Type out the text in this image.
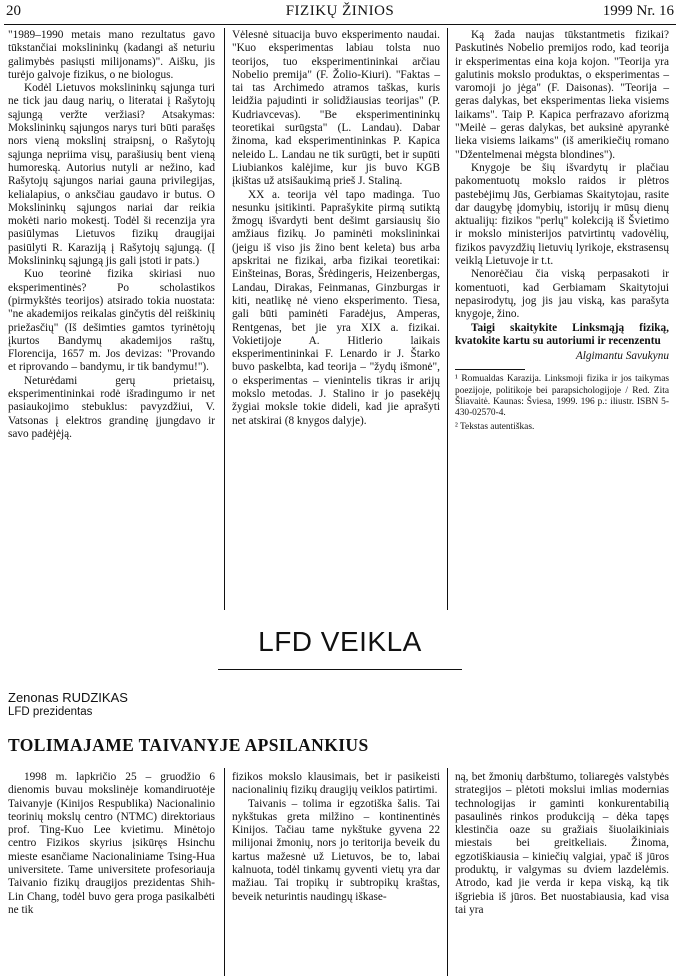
20	FIZIKŲ ŽINIOS	1999 Nr. 16

"1989–1990 metais mano rezultatus gavo tūkstančiai mokslininkų (kadangi aš neturiu galimybės pasiųsti milijonams)". Aišku, jis turėjo galvoje fizikus, o ne biologus.

Kodėl Lietuvos mokslininkų sąjunga turi ne tick jau daug narių, o literatai į Rašytojų sąjungą veržte veržiasi? Atsakymas: Mokslininkų sąjungos narys turi būti parašęs nors vieną mokslinį straipsnį, o Rašytojų sąjunga nepriima visų, parašiusių bent vieną humoreską. Autorius nutyli ar nežino, kad Rašytojų sąjungos nariai gauna privilegijas, kelialapius, o anksčiau gaudavo ir butus. O Mokslininkų sąjungos nariai dar reikia mokėti nario mokestį. Todėl ši recenzija yra pasiūlymas Lietuvos fizikų draugijai pasiūlyti R. Karaziją į Rašytojų sąjungą. (Į Mokslininkų sąjungą jis gali įstoti ir pats.)

Kuo teorinė fizika skiriasi nuo eksperimentinės? Po scholastikos (pirmykštės teorijos) atsirado tokia nuostata: "ne akademijos reikalas ginčytis dėl reiškinių priežasčių" (Iš dešimties gamtos tyrinėtojų įkurtos Bandymų akademijos raštų, Florencija, 1657 m. Jos devizas: "Provando et riprovando – bandymu, ir tik bandymu!").

Neturėdami gerų prietaisų, eksperimentininkai rodė išradingumo ir net pasiaukojimo stebuklus: pavyzdžiui, V. Vatsonas į elektros grandinę įjungdavo ir savo padėjėją.

Vėlesnė situacija buvo eksperimento naudai. "Kuo eksperimentas labiau tolsta nuo teorijos, tuo eksperimentininkai arčiau Nobelio premija" (F. Žolio-Kiuri). "Faktas – tai tas Archimedo atramos taškas, kuris leidžia pajudinti ir solidžiausias teorijas" (P. Kudriavcevas). "Be eksperimentininkų teoretikai surūgsta" (L. Landau). Dabar žinoma, kad eksperimentininkas P. Kapica neleido L. Landau ne tik surūgti, bet ir supūti Liubiankos kalėjime, kur jis buvo KGB įkištas už atsišaukimą prieš J. Staliną.

XX a. teorija vėl tapo madinga. Tuo nesunku įsitikinti. Paprašykite pirmą sutiktą žmogų išvardyti bent dešimt garsiausių šio amžiaus fizikų. Jo paminėti mokslininkai (jeigu iš viso jis žino bent keleta) bus arba apskritai ne fizikai, arba fizikai teoretikai: Einšteinas, Boras, Šrėdingeris, Heizenbergas, Landau, Dirakas, Feinmanas, Ginzburgas ir kiti, neatlikę nė vieno eksperimento. Tiesa, gali būti paminėti Faradėjus, Amperas, Rentgenas, bet jie yra XIX a. fizikai. Vokietijoje A. Hitlerio laikais eksperimentininkai F. Lenardo ir J. Štarko buvo paskelbta, kad teorija – "žydų išmonė", o eksperimentas – vienintelis tikras ir arijų mokslo metodas. J. Stalino ir jo pasekėjų žygiai moksle tokie dideli, kad jie aprašyti net atskirai (8 knygos dalyje).

Ką žada naujas tūkstantmetis fizikai? Paskutinės Nobelio premijos rodo, kad teorija ir eksperimentas eina koja kojon. "Teorija yra galutinis mokslo produktas, o eksperimentas – varomoji jo jėga" (F. Daisonas). "Teorija – geras dalykas, bet eksperimentas lieka visiems laikams". Taip P. Kapica perfrazavo aforizmą "Meilė – geras dalykas, bet auksinė apyrankė lieka visiems laikams" (iš amerikiečių romano "Džentelmenai mėgsta blondines").

Knygoje be šių išvardytų ir plačiau pakomentuotų mokslo raidos ir plėtros pastebėjimų Jūs, Gerbiamas Skaitytojau, rasite dar daugybę įdomybių, istorijų ir mūsų dienų aktualijų: fizikos "perlų" kolekciją iš Švietimo ir mokslo ministerijos patvirtintų vadovėlių, fizikos pavyzdžių lietuvių lyrikoje, ekstrasensų veiklą Lietuvoje ir t.t.

Nenorėčiau čia viską perpasakoti ir komentuoti, kad Gerbiamam Skaitytojui nepasirodytų, jog jis jau viską, kas parašyta knygoje, žino.

Taigi skaitykite Linksmąją fiziką, kvatokite kartu su autoriumi ir recenzentu

Algimantu Savukynu

¹ Romualdas Karazija. Linksmoji fizika ir jos taikymas poezijoje, politikoje bei parapsichologijoje / Red. Zita Šliavaitė. Kaunas: Šviesa, 1999. 196 p.: iliustr. ISBN 5-430-02570-4.

² Tekstas autentiškas.

LFD VEIKLA
Zenonas RUDZIKAS
LFD prezidentas
TOLIMAJAME TAIVANYJE APSILANKIUS

1998 m. lapkričio 25 – gruodžio 6 dienomis buvau mokslinėje komandiruotėje Taivanyje (Kinijos Respublika) Nacionalinio teorinių mokslų centro (NTMC) direktoriaus prof. Ting-Kuo Lee kvietimu. Minėtojo centro Fizikos skyrius įsikūręs Hsinchu mieste esančiame Nacionaliniame Tsing-Hua universitete. Tame universitete profesoriauja Taivanio fizikų draugijos prezidentas Shih-Lin Chang, todėl buvo gera proga pasikalbėti ne tik

fizikos mokslo klausimais, bet ir pasikeisti nacionalinių fizikų draugijų veiklos patirtimi.

Taivanis – tolima ir egzotiška šalis. Tai nykštukas greta milžino – kontinentinės Kinijos. Tačiau tame nykštuke gyvena 22 milijonai žmonių, nors jo teritorija beveik du kartus mažesnė už Lietuvos, be to, labai kalnuota, todėl tinkamų gyventi vietų yra dar mažiau. Tai tropikų ir subtropikų kraštas, beveik neturintis naudingų iškase-

ną, bet žmonių darbštumo, toliaregės valstybės strategijos – plėtoti mokslui imlias modernias technologijas ir gaminti konkurentabilią pasaulinės rinkos produkciją – dėka tapęs klestinčia oaze su gražiais šiuolaikiniais miestais bei greitkeliais. Žinoma, egzotiškiausia – kiniečių valgiai, ypač iš jūros produktų, ir valgymas su dviem lazdelėmis. Atrodo, kad jie verda ir kepa viską, ką tik išgriebia iš jūros. Bet nuostabiausia, kad visa tai yra
